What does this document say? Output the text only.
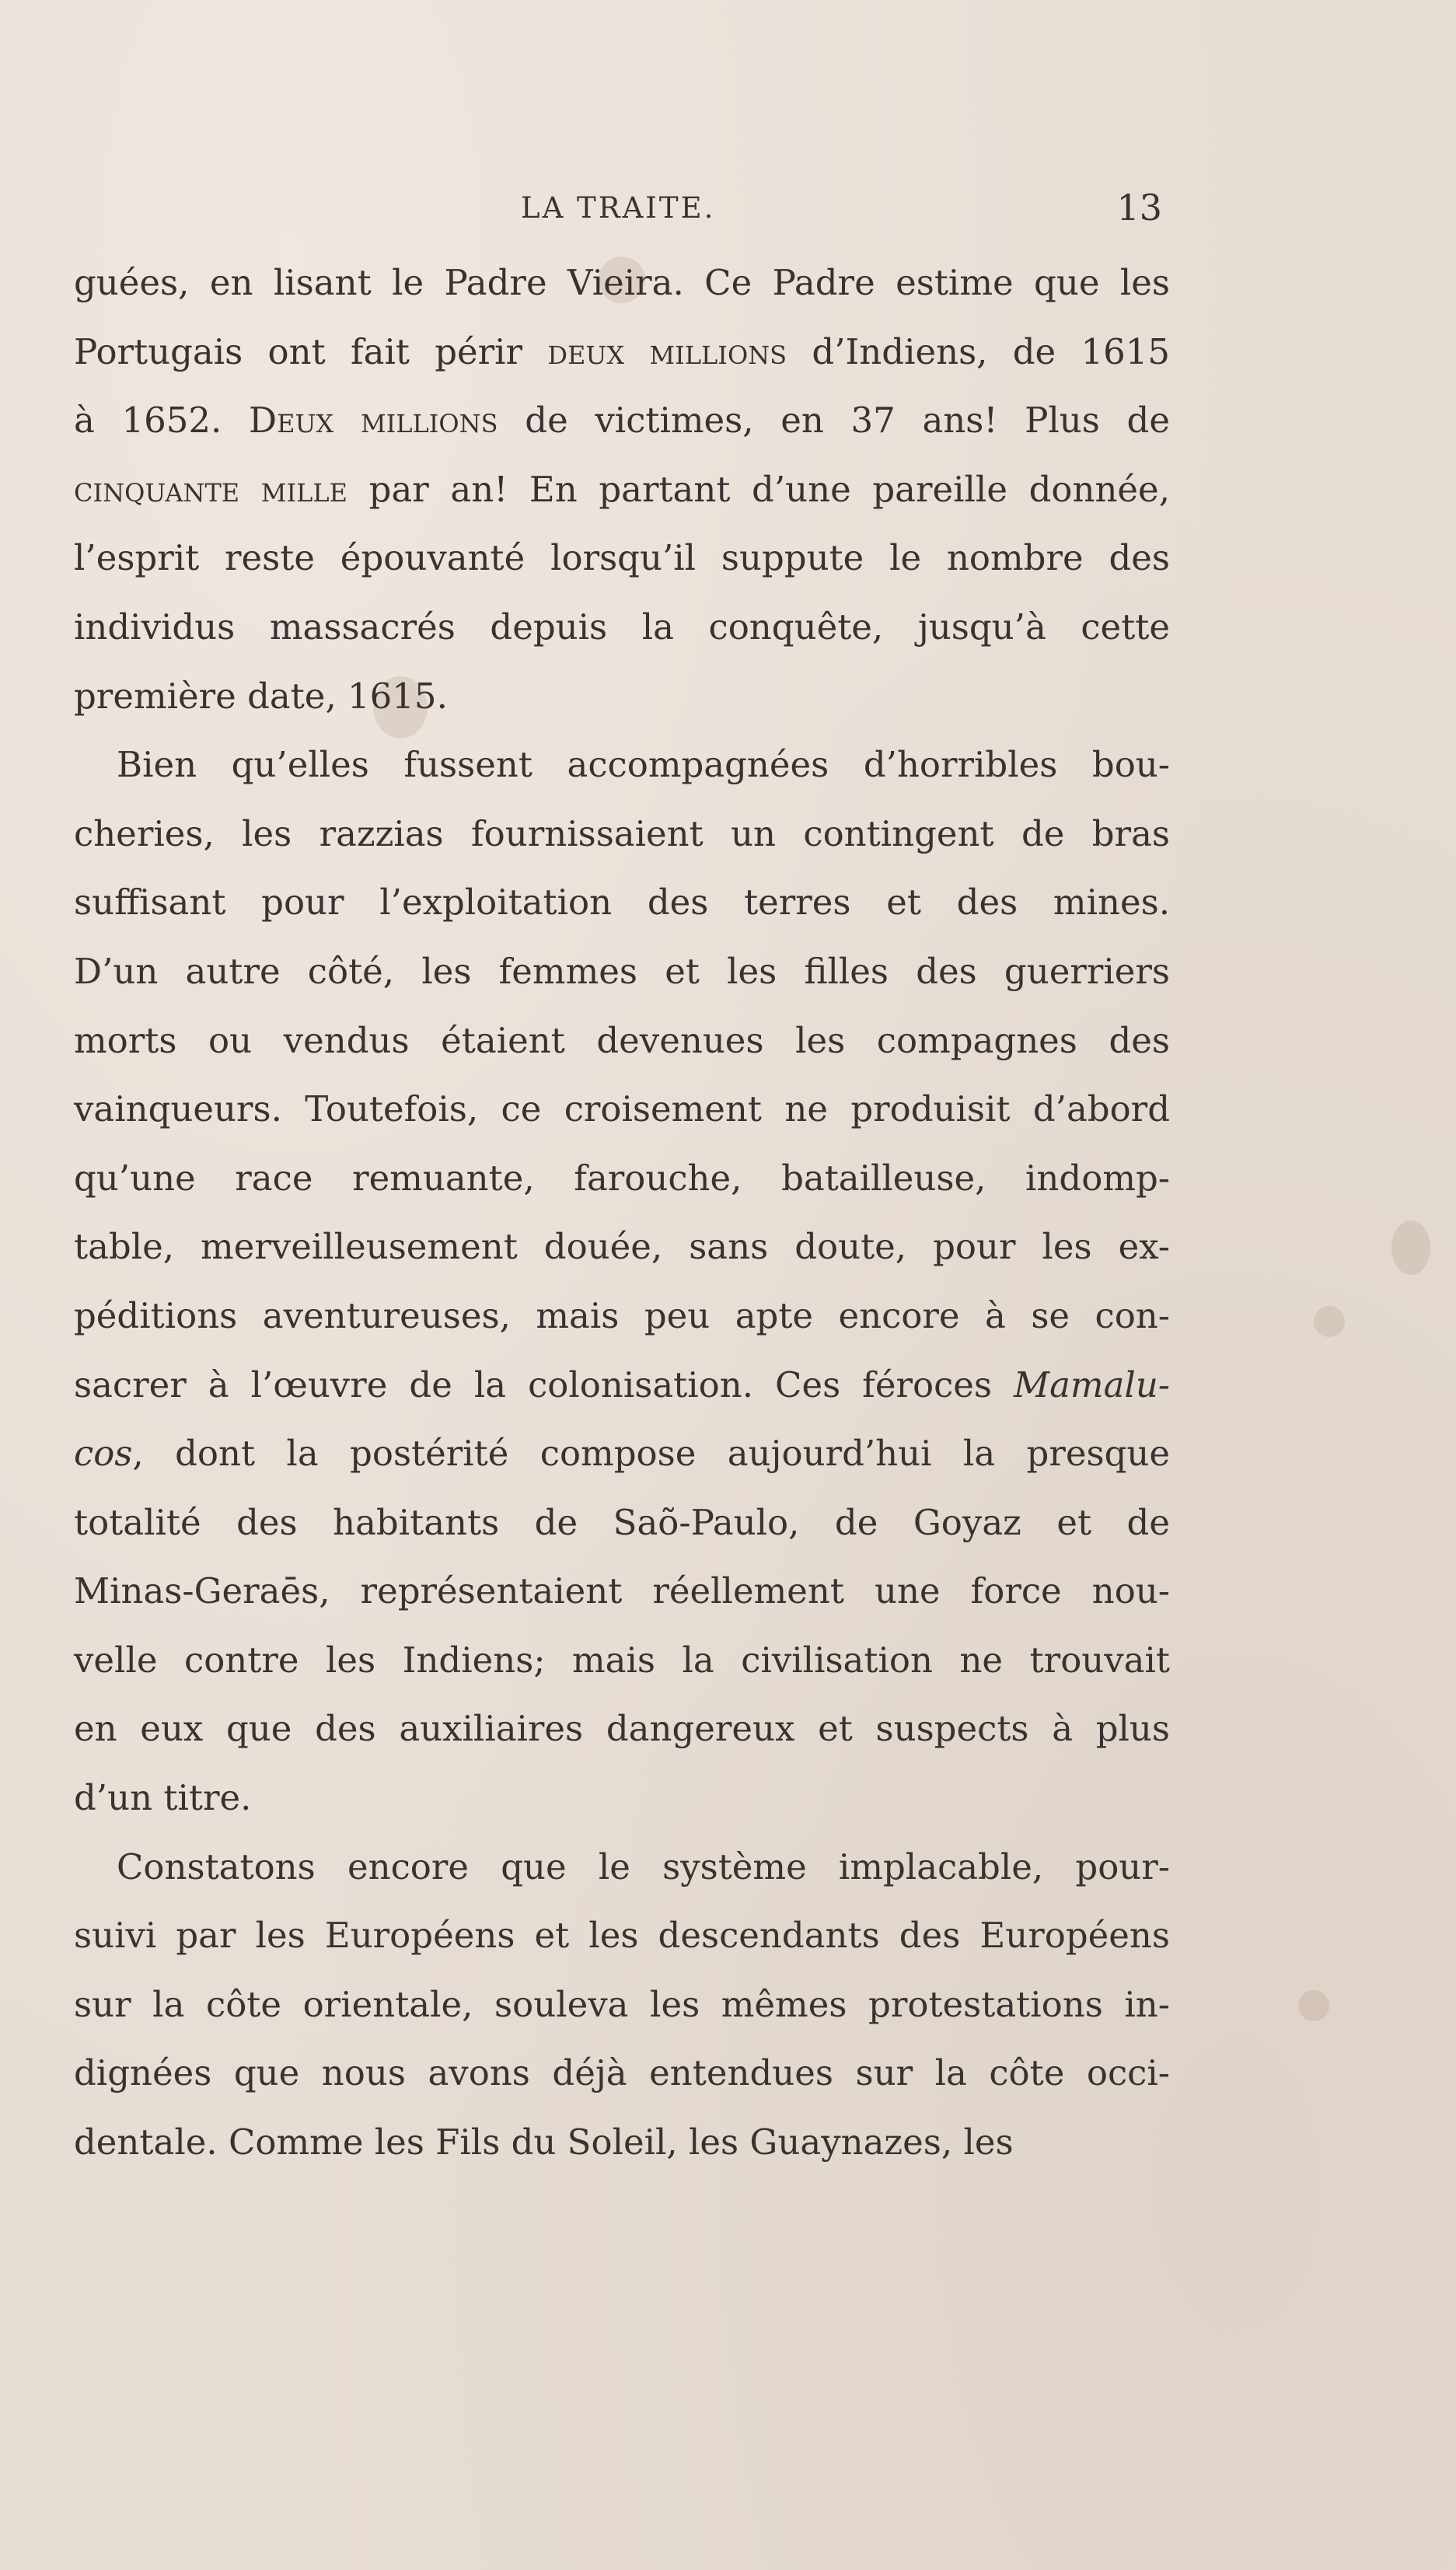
LA TRAITE.	13
guées, en lisant le Padre Vieira. Ce Padre estime que les
Portugais ont fait périr deux millions d’Indiens, de 1615
à 1652. Deux millions de victimes, en 37 ans! Plus de
cinquante mille par an! En partant d’une pareille donnée,
l’esprit reste épouvanté lorsqu’il suppute le nombre des
individus massacrés depuis la conquête, jusqu’à cette
première date, 1615.
Bien qu’elles fussent accompagnées d’horribles bou-
cheries, les razzias fournissaient un contingent de bras
suffisant pour l’exploitation des terres et des mines.
D’un autre côté, les femmes et les filles des guerriers
morts ou vendus étaient devenues les compagnes des
vainqueurs. Toutefois, ce croisement ne produisit d’abord
qu’une race remuante, farouche, batailleuse, indomp-
table, merveilleusement douée, sans doute, pour les ex-
péditions aventureuses, mais peu apte encore à se con-
sacrer à l’œuvre de la colonisation. Ces féroces Mamalu-
cos, dont la postérité compose aujourd’hui la presque
totalité des habitants de Saõ-Paulo, de Goyaz et de
Minas-Geraēs, représentaient réellement une force nou-
velle contre les Indiens; mais la civilisation ne trouvait
en eux que des auxiliaires dangereux et suspects à plus
d’un titre.
Constatons encore que le système implacable, pour-
suivi par les Européens et les descendants des Européens
sur la côte orientale, souleva les mêmes protestations in-
dignées que nous avons déjà entendues sur la côte occi-
dentale. Comme les Fils du Soleil, les Guaynazes, les
